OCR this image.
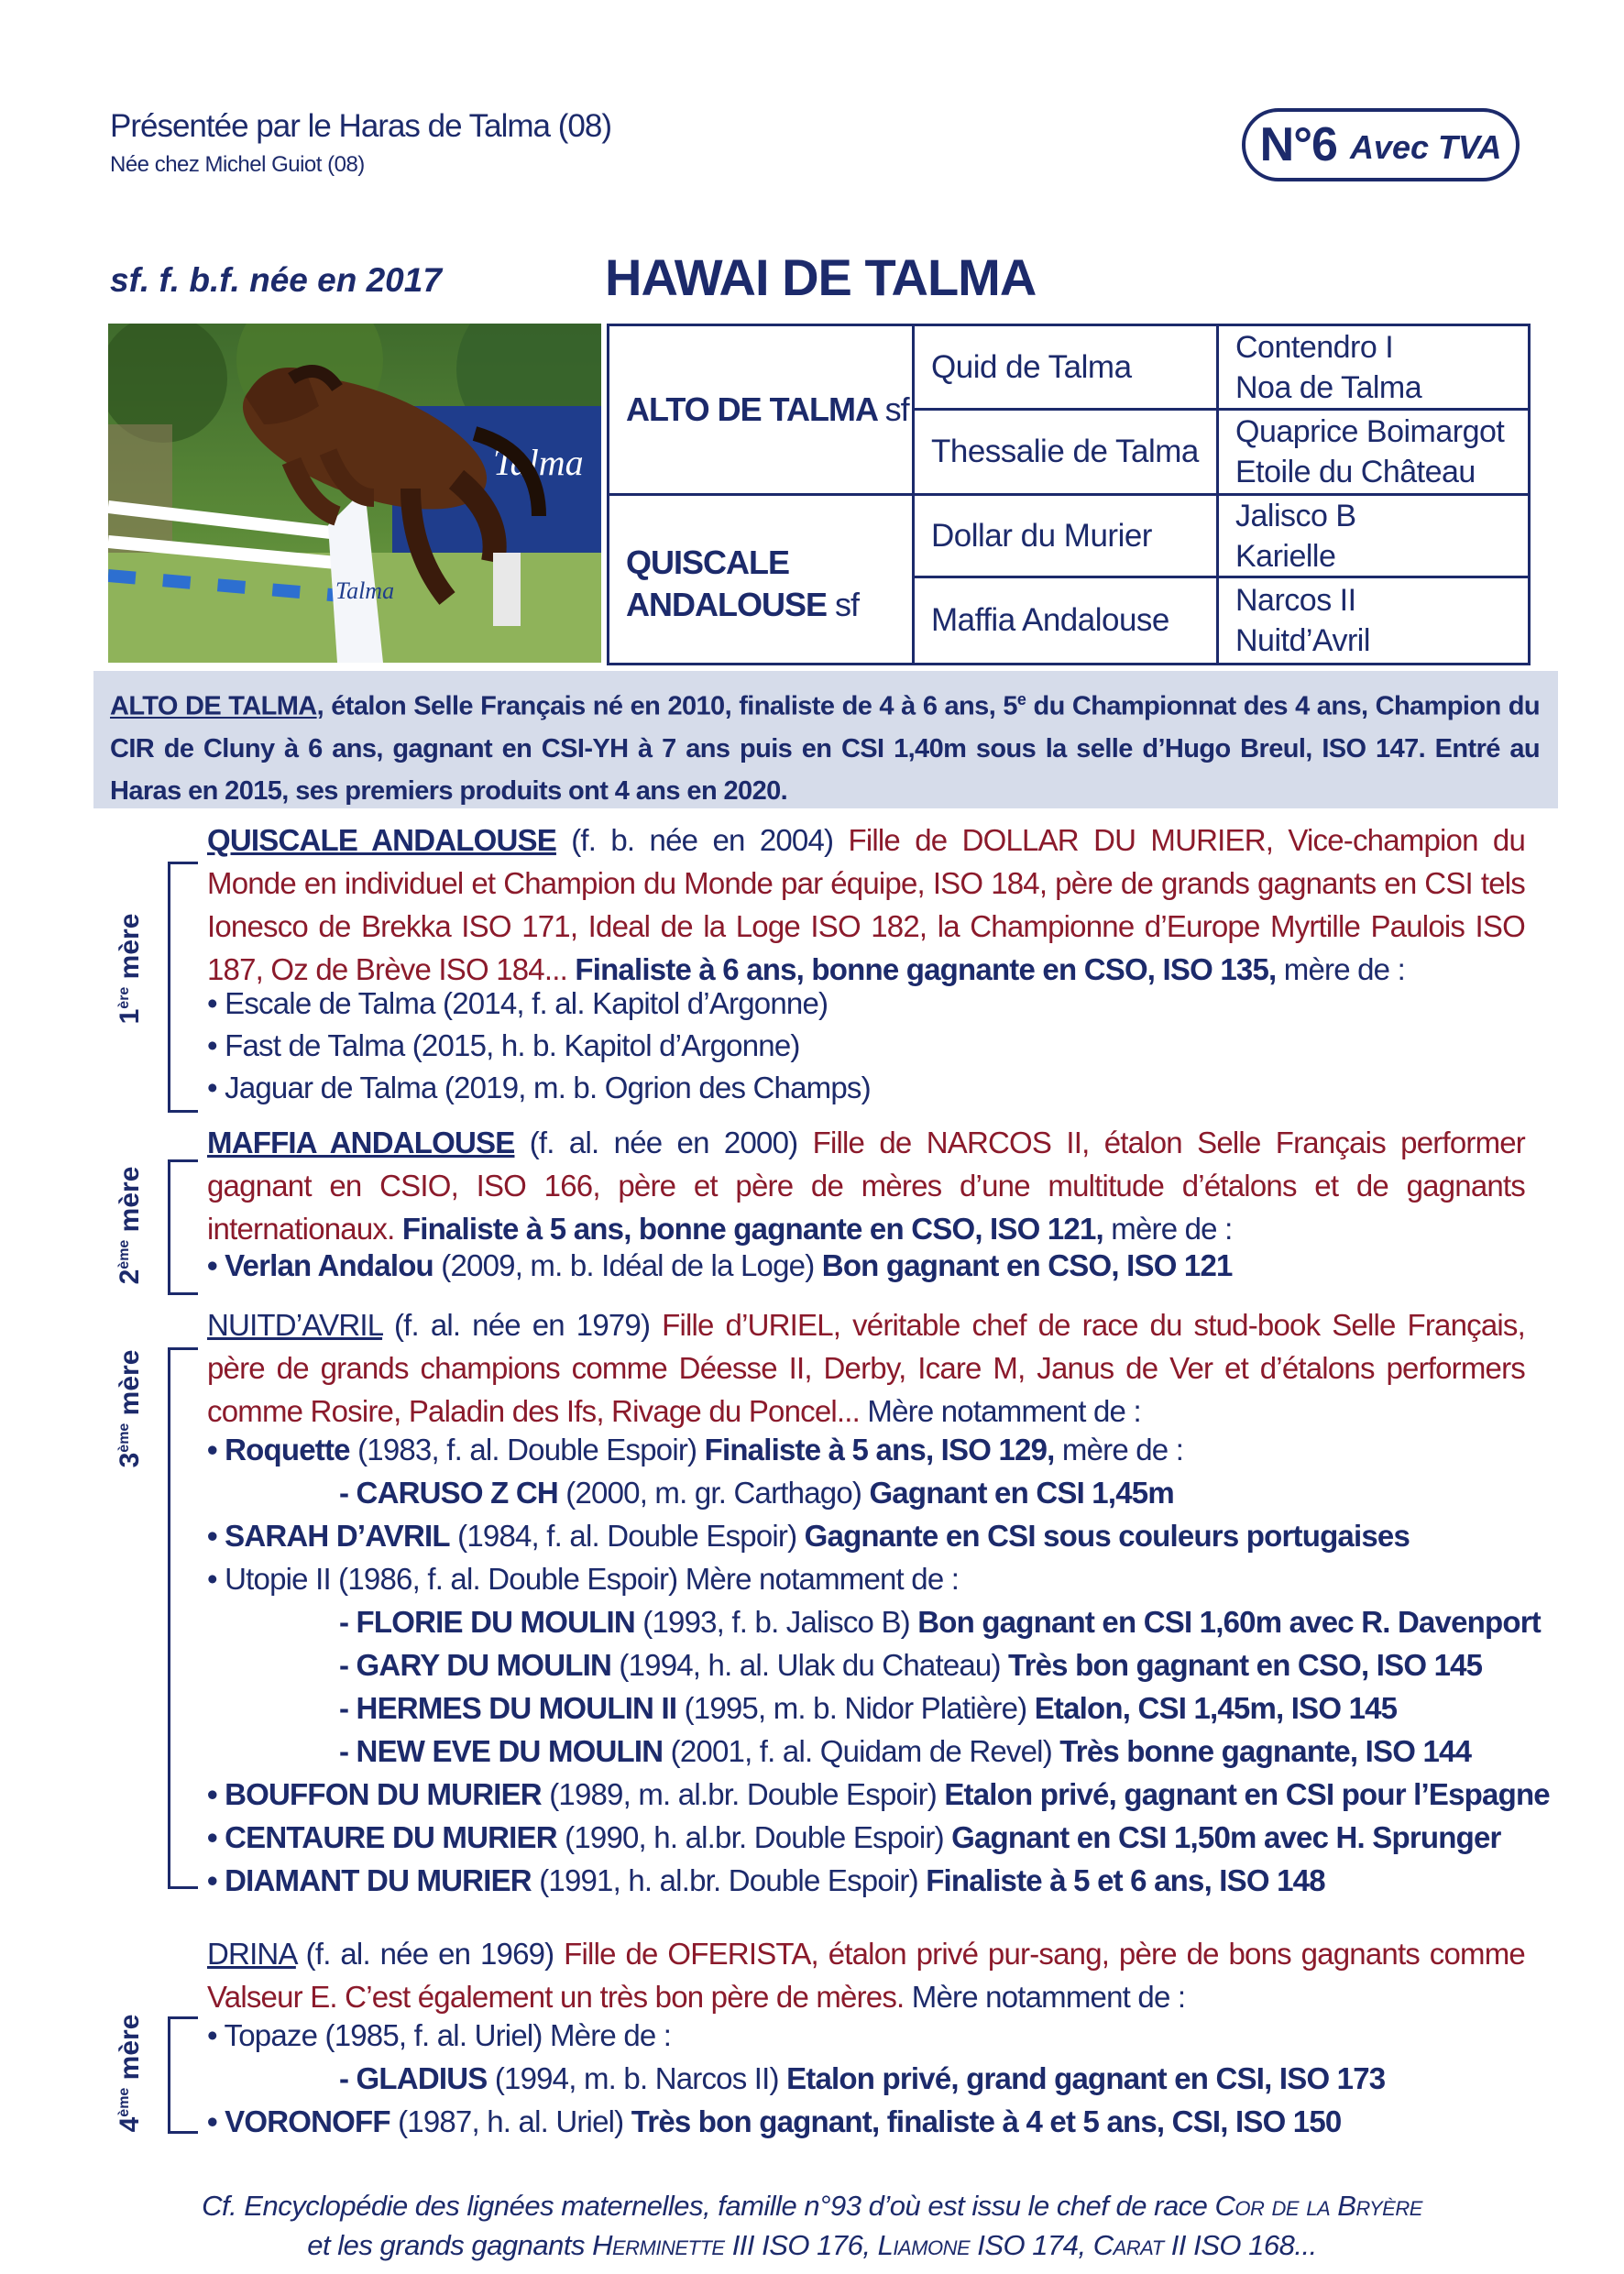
Présentée par le Haras de Talma (08)
Née chez Michel Guiot (08)	N°6 Avec TVA
sf. f. b.f. née en 2017	HAWAI DE TALMA
Talma
Talma
ALTO DE TALMA sf
QUISCALE
ANDALOUSE sf
Quid de Talma
Thessalie de Talma
Dollar du Murier
Maffia Andalouse
Contendro I
Noa de Talma
Quaprice Boimargot
Etoile du Château
Jalisco B
Karielle
Narcos II
Nuitd’Avril
ALTO DE TALMA, étalon Selle Français né en 2010, finaliste de 4 à 6 ans, 5e du Championnat des 4 ans, Champion du CIR de Cluny à 6 ans, gagnant en CSI-YH à 7 ans puis en CSI 1,40m sous la selle d’Hugo Breul, ISO 147. Entré au Haras en 2015, ses premiers produits ont 4 ans en 2020.
1ère mère
QUISCALE ANDALOUSE (f. b. née en 2004) Fille de DOLLAR DU MURIER, Vice-champion du Monde en individuel et Champion du Monde par équipe, ISO 184, père de grands gagnants en CSI tels Ionesco de Brekka ISO 171, Ideal de la Loge ISO 182, la Championne d’Europe Myrtille Paulois ISO 187, Oz de Brève ISO 184... Finaliste à 6 ans, bonne gagnante en CSO, ISO 135, mère de :
• Escale de Talma (2014, f. al. Kapitol d’Argonne)
• Fast de Talma (2015, h. b. Kapitol d’Argonne)
• Jaguar de Talma (2019, m. b. Ogrion des Champs)
2ème mère
MAFFIA ANDALOUSE (f. al. née en 2000) Fille de NARCOS II, étalon Selle Français performer gagnant en CSIO, ISO 166, père et père de mères d’une multitude d’étalons et de gagnants internationaux. Finaliste à 5 ans, bonne gagnante en CSO, ISO 121, mère de :
• Verlan Andalou (2009, m. b. Idéal de la Loge) Bon gagnant en CSO, ISO 121
3ème mère
NUITD’AVRIL (f. al. née en 1979) Fille d’URIEL, véritable chef de race du stud-book Selle Français, père de grands champions comme Déesse II, Derby, Icare M, Janus de Ver et d’étalons performers comme Rosire, Paladin des Ifs, Rivage du Poncel... Mère notamment de :
• Roquette (1983, f. al. Double Espoir) Finaliste à 5 ans, ISO 129, mère de :
- CARUSO Z CH (2000, m. gr. Carthago) Gagnant en CSI 1,45m
• SARAH D’AVRIL (1984, f. al. Double Espoir) Gagnante en CSI sous couleurs portugaises
• Utopie II (1986, f. al. Double Espoir) Mère notamment de :
- FLORIE DU MOULIN (1993, f. b. Jalisco B) Bon gagnant en CSI 1,60m avec R. Davenport
- GARY DU MOULIN (1994, h. al. Ulak du Chateau) Très bon gagnant en CSO, ISO 145
- HERMES DU MOULIN II (1995, m. b. Nidor Platière) Etalon, CSI 1,45m, ISO 145
- NEW EVE DU MOULIN (2001, f. al. Quidam de Revel) Très bonne gagnante, ISO 144
• BOUFFON DU MURIER (1989, m. al.br. Double Espoir) Etalon privé, gagnant en CSI pour l’Espagne
• CENTAURE DU MURIER (1990, h. al.br. Double Espoir) Gagnant en CSI 1,50m avec H. Sprunger
• DIAMANT DU MURIER (1991, h. al.br. Double Espoir) Finaliste à 5 et 6 ans, ISO 148
4ème mère
DRINA (f. al. née en 1969) Fille de OFERISTA, étalon privé pur-sang, père de bons gagnants comme Valseur E. C’est également un très bon père de mères. Mère notamment de :
• Topaze (1985, f. al. Uriel) Mère de :
- GLADIUS (1994, m. b. Narcos II) Etalon privé, grand gagnant en CSI, ISO 173
• VORONOFF (1987, h. al. Uriel) Très bon gagnant, finaliste à 4 et 5 ans, CSI, ISO 150
Cf. Encyclopédie des lignées maternelles, famille n°93 d’où est issu le chef de race Cor de la Bryère
et les grands gagnants Herminette III ISO 176, Liamone ISO 174, Carat II ISO 168...
